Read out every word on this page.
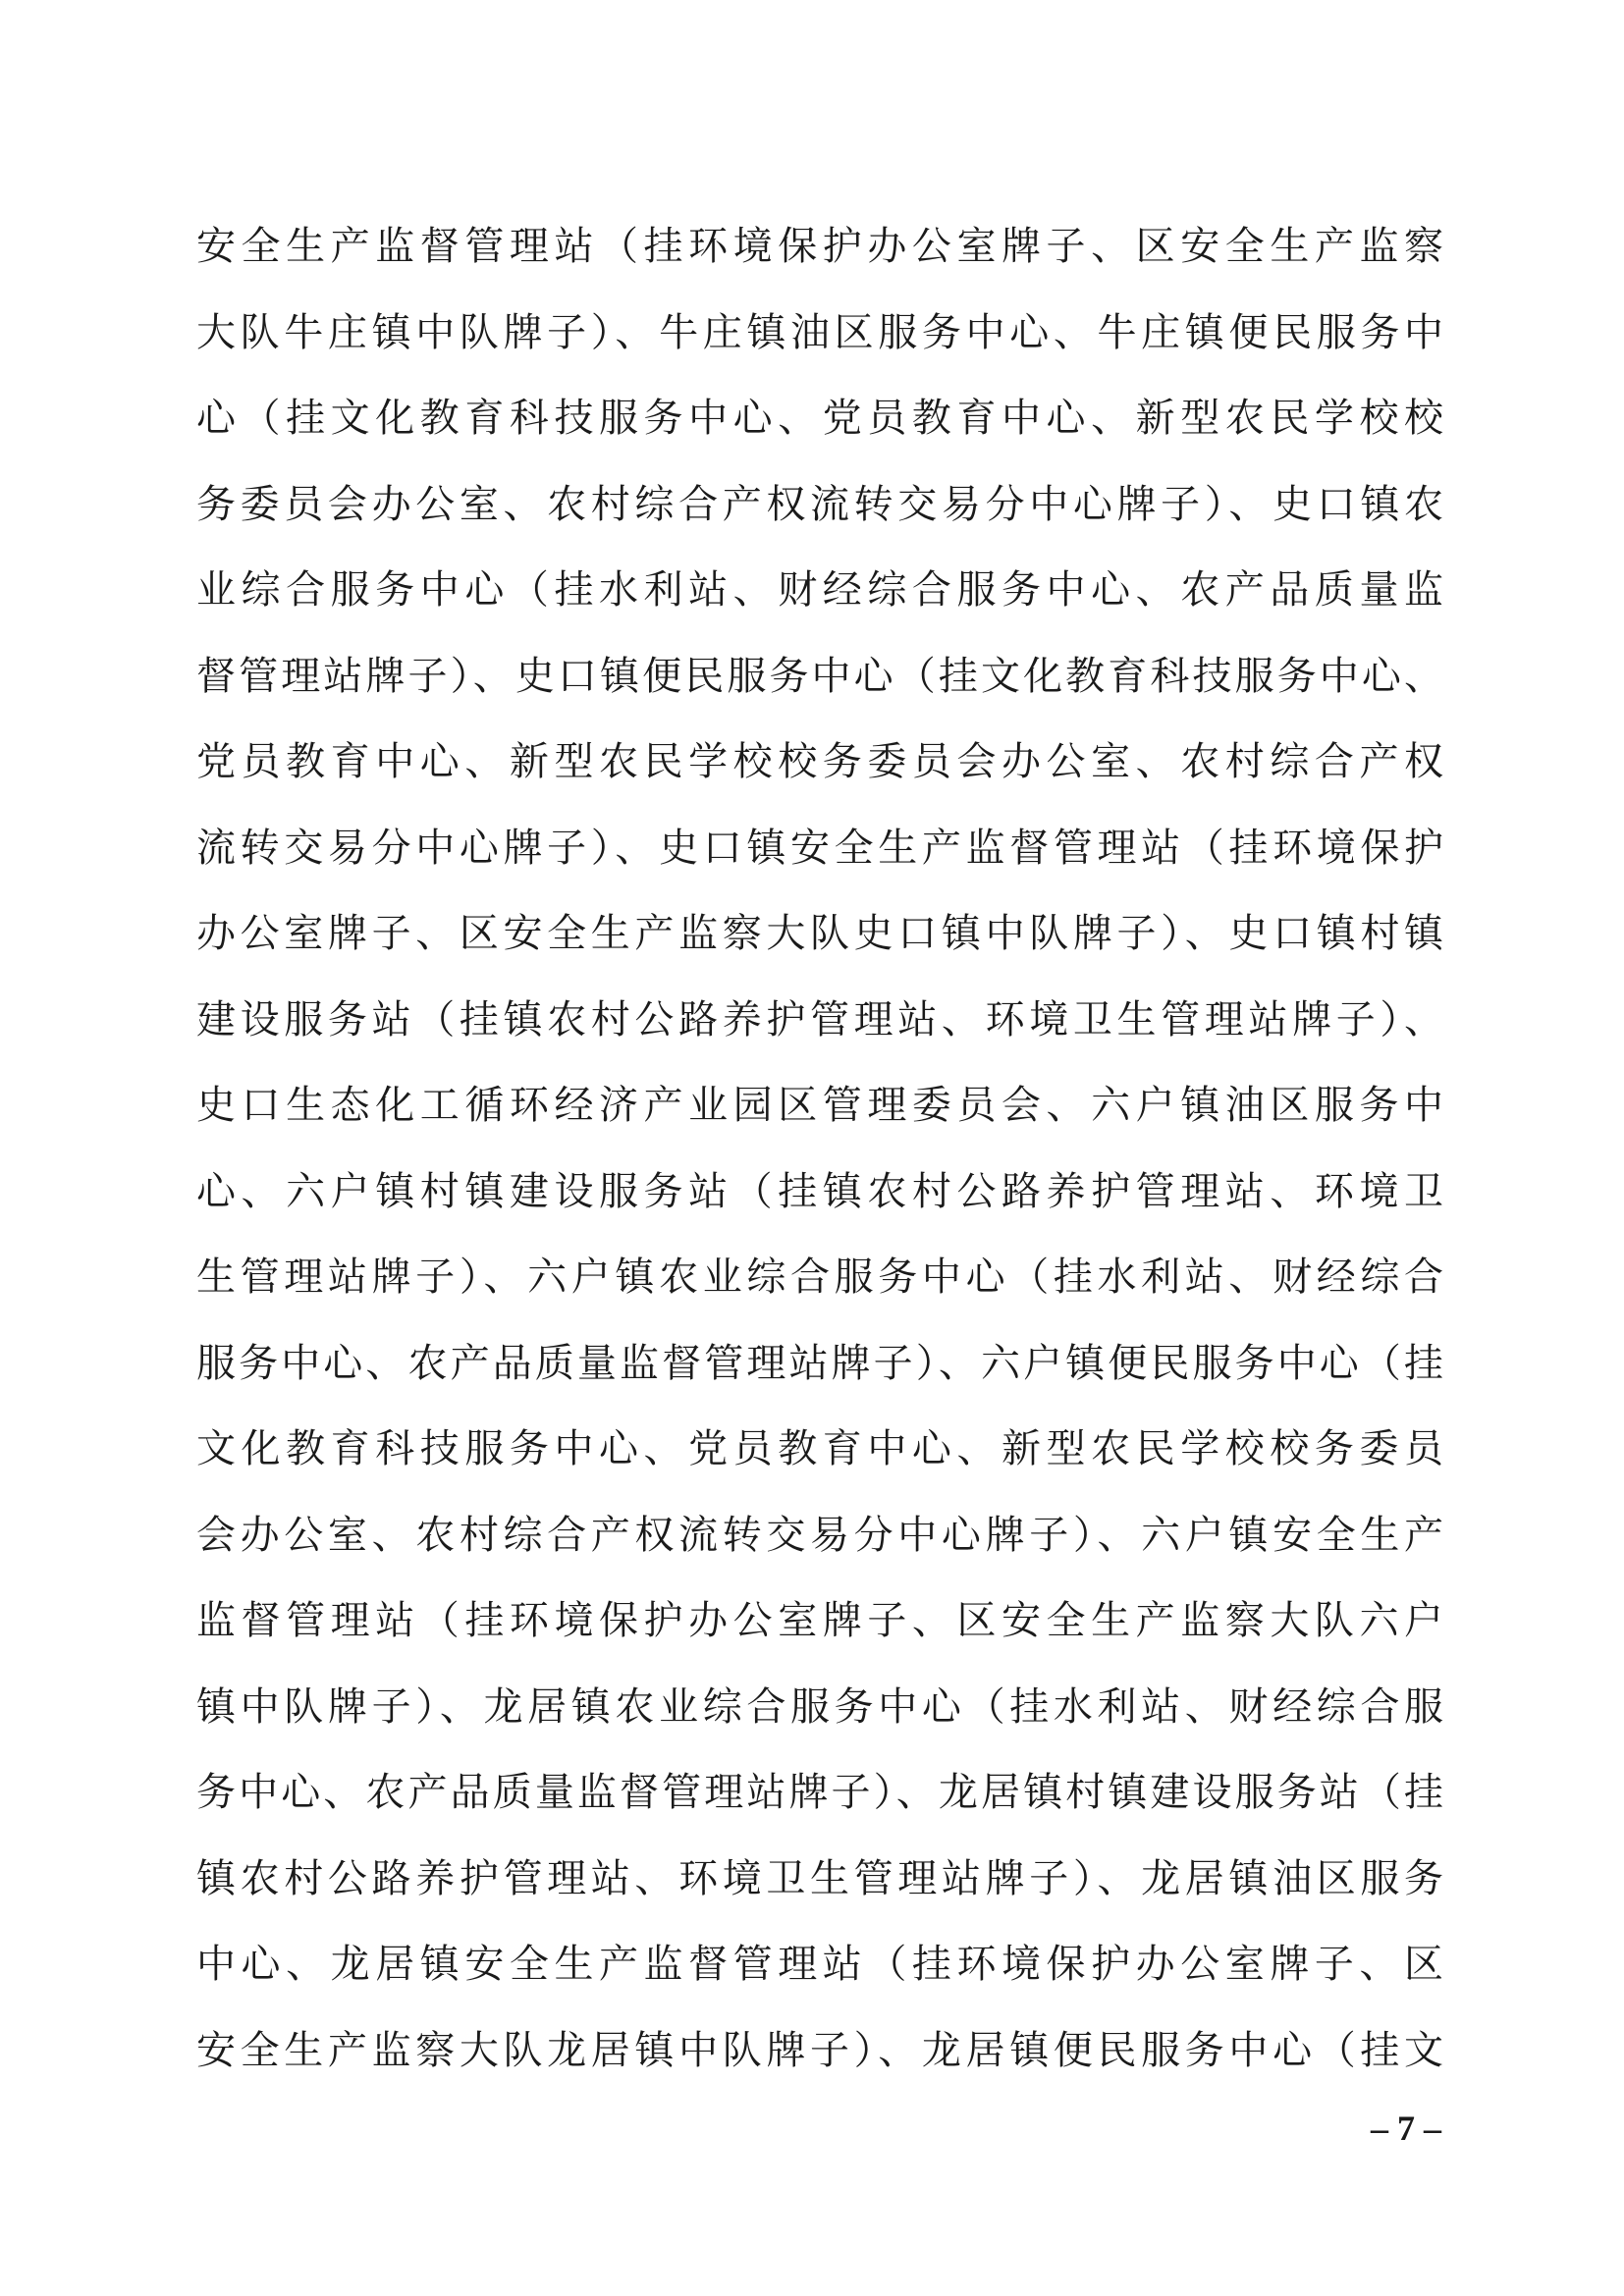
安全生产监督管理站（挂环境保护办公室牌子、区安全生产监察
大队牛庄镇中队牌子）、牛庄镇油区服务中心、牛庄镇便民服务中
心（挂文化教育科技服务中心、党员教育中心、新型农民学校校
务委员会办公室、农村综合产权流转交易分中心牌子）、史口镇农
业综合服务中心（挂水利站、财经综合服务中心、农产品质量监
督管理站牌子）、史口镇便民服务中心（挂文化教育科技服务中心、
党员教育中心、新型农民学校校务委员会办公室、农村综合产权
流转交易分中心牌子）、史口镇安全生产监督管理站（挂环境保护
办公室牌子、区安全生产监察大队史口镇中队牌子）、史口镇村镇
建设服务站（挂镇农村公路养护管理站、环境卫生管理站牌子）、
史口生态化工循环经济产业园区管理委员会、六户镇油区服务中
心、六户镇村镇建设服务站（挂镇农村公路养护管理站、环境卫
生管理站牌子）、六户镇农业综合服务中心（挂水利站、财经综合
服务中心、农产品质量监督管理站牌子）、六户镇便民服务中心（挂
文化教育科技服务中心、党员教育中心、新型农民学校校务委员
会办公室、农村综合产权流转交易分中心牌子）、六户镇安全生产
监督管理站（挂环境保护办公室牌子、区安全生产监察大队六户
镇中队牌子）、龙居镇农业综合服务中心（挂水利站、财经综合服
务中心、农产品质量监督管理站牌子）、龙居镇村镇建设服务站（挂
镇农村公路养护管理站、环境卫生管理站牌子）、龙居镇油区服务
中心、龙居镇安全生产监督管理站（挂环境保护办公室牌子、区
安全生产监察大队龙居镇中队牌子）、龙居镇便民服务中心（挂文
– 7 –
